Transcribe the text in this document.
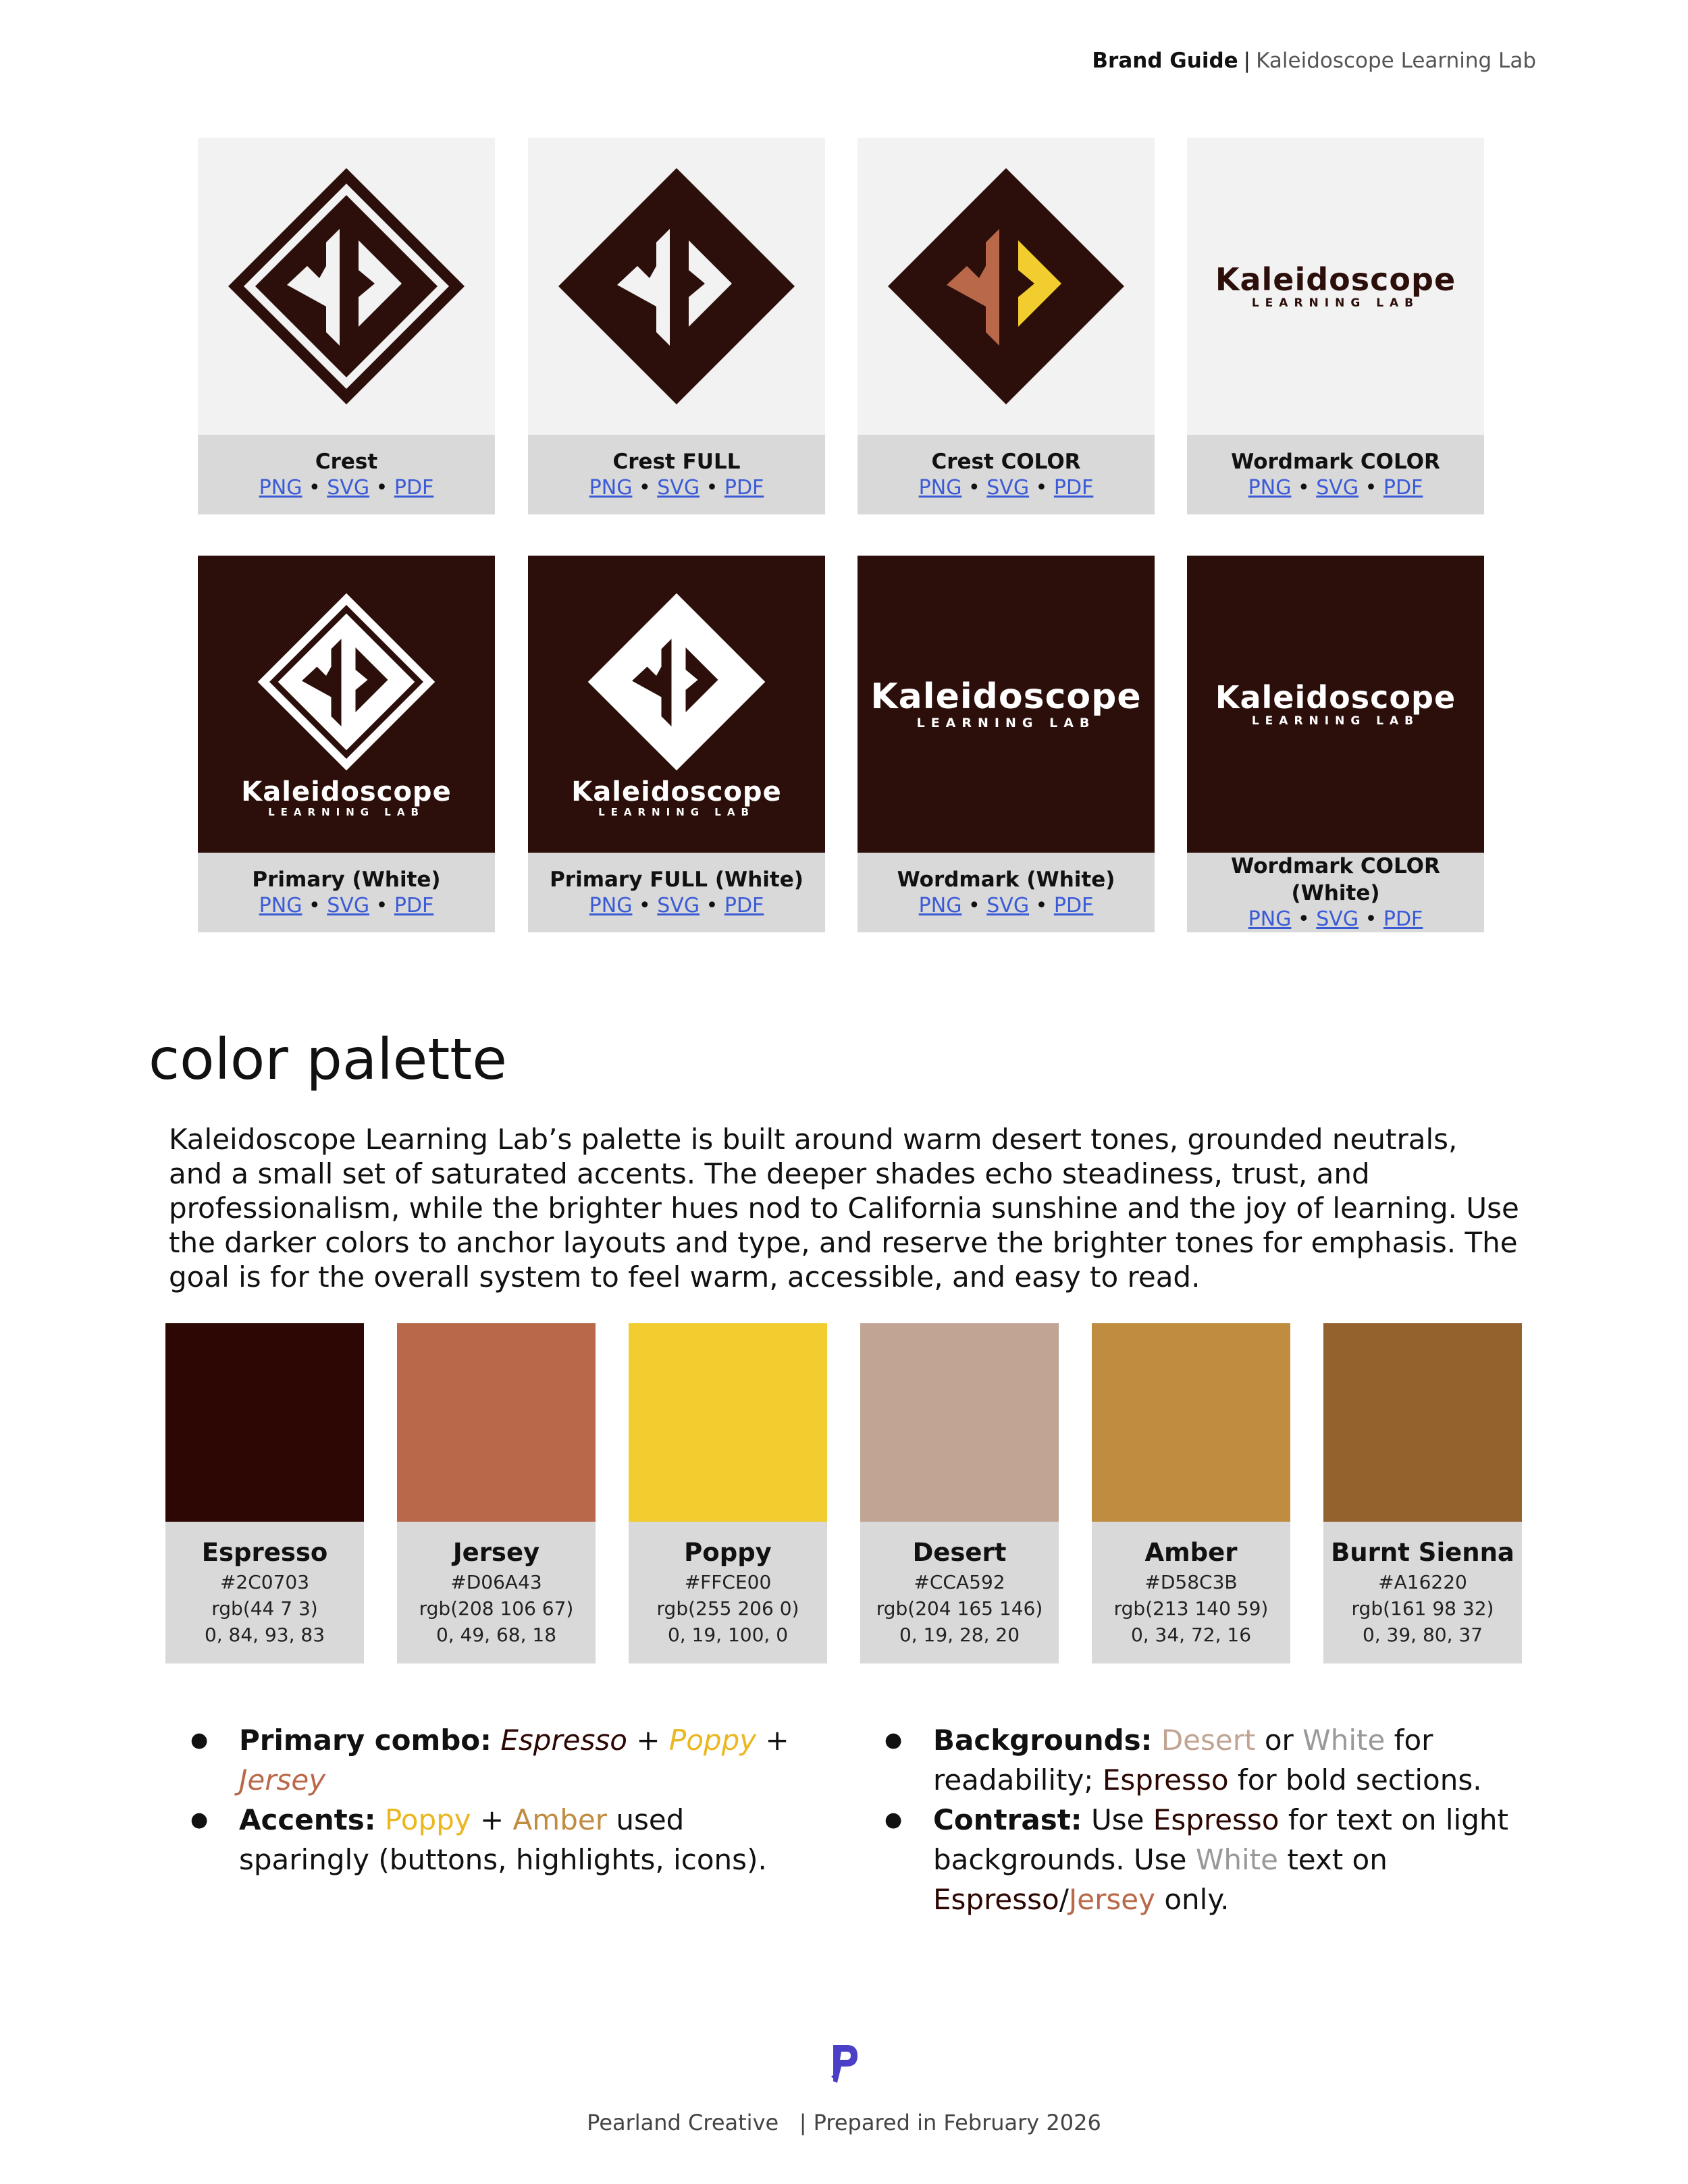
Brand Guide | Kaleidoscope Learning Lab
Crest
PNG • SVG • PDF
Crest FULL
PNG • SVG • PDF
Crest COLOR
PNG • SVG • PDF
Kaleidoscope
LEARNING LAB
Wordmark COLOR
PNG • SVG • PDF
Kaleidoscope
LEARNING LAB
Primary (White)
PNG • SVG • PDF
Kaleidoscope
LEARNING LAB
Primary FULL (White)
PNG • SVG • PDF
Kaleidoscope
LEARNING LAB
Wordmark (White)
PNG • SVG • PDF
Kaleidoscope
LEARNING LAB
Wordmark COLOR (White)
PNG • SVG • PDF
color palette
Kaleidoscope Learning Lab’s palette is built around warm desert tones, grounded neutrals, and a small set of saturated accents. The deeper shades echo steadiness, trust, and professionalism, while the brighter hues nod to California sunshine and the joy of learning. Use the darker colors to anchor layouts and type, and reserve the brighter tones for emphasis. The goal is for the overall system to feel warm, accessible, and easy to read.
Espresso
#2C0703
rgb(44 7 3)
0, 84, 93, 83
Jersey
#D06A43
rgb(208 106 67)
0, 49, 68, 18
Poppy
#FFCE00
rgb(255 206 0)
0, 19, 100, 0
Desert
#CCA592
rgb(204 165 146)
0, 19, 28, 20
Amber
#D58C3B
rgb(213 140 59)
0, 34, 72, 16
Burnt Sienna
#A16220
rgb(161 98 32)
0, 39, 80, 37
● Primary combo: Espresso + Poppy + Jersey
● Accents: Poppy + Amber used sparingly (buttons, highlights, icons).
● Backgrounds: Desert or White for readability; Espresso for bold sections.
● Contrast: Use Espresso for text on light backgrounds. Use White text on Espresso/Jersey only.
Pearland Creative | Prepared in February 2026
